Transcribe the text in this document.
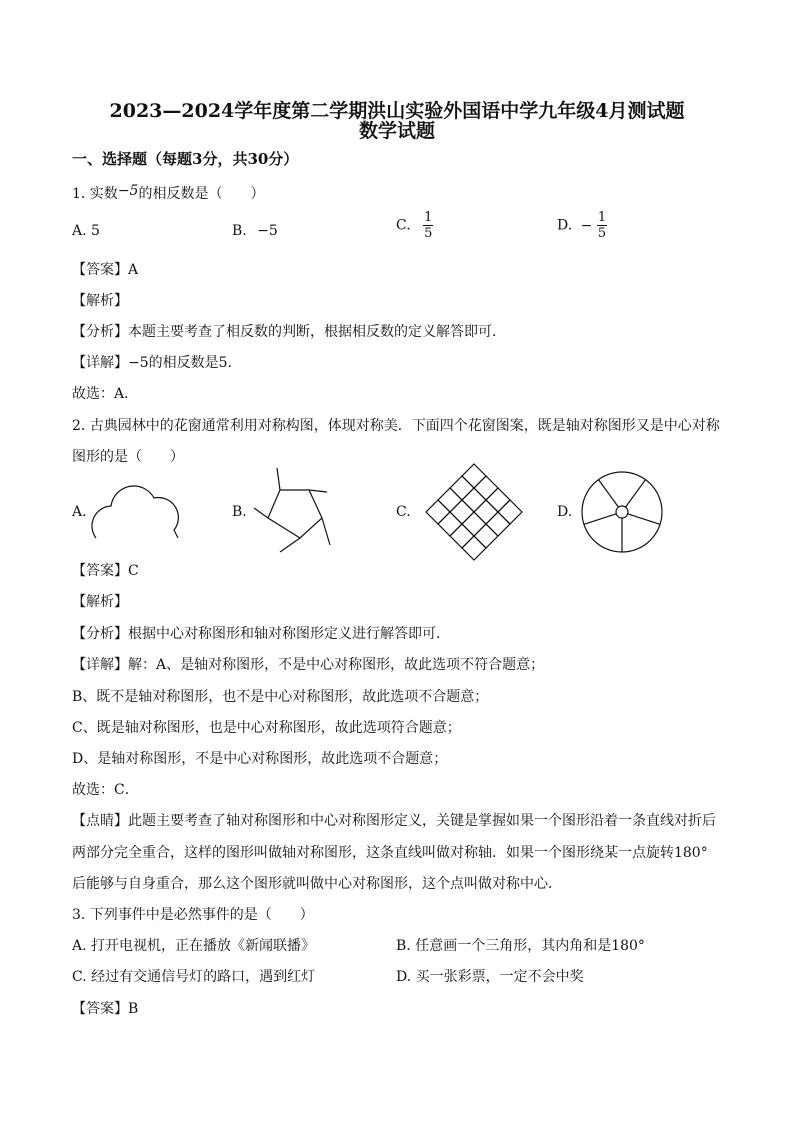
2023—2024学年度第二学期洪山实验外国语中学九年级4月测试题
数学试题
一、选择题（每题3分，共30分）
1. 实数−5的相反数是（　　）
A. 5	B. −5	C. $\frac{1}{5}$	D. − $\frac{1}{5}$
【答案】A
【解析】
【分析】本题主要考查了相反数的判断，根据相反数的定义解答即可．
【详解】−5的相反数是5．
故选：A．
2. 古典园林中的花窗通常利用对称构图，体现对称美．下面四个花窗图案，既是轴对称图形又是中心对称
图形的是（　　）
A.	B.	C.	D.
【答案】C
【解析】
【分析】根据中心对称图形和轴对称图形定义进行解答即可．
【详解】解：A、是轴对称图形，不是中心对称图形，故此选项不符合题意；
B、既不是轴对称图形，也不是中心对称图形，故此选项不合题意；
C、既是轴对称图形，也是中心对称图形，故此选项符合题意；
D、是轴对称图形，不是中心对称图形，故此选项不合题意；
故选：C．
【点睛】此题主要考查了轴对称图形和中心对称图形定义，关键是掌握如果一个图形沿着一条直线对折后
两部分完全重合，这样的图形叫做轴对称图形，这条直线叫做对称轴．如果一个图形绕某一点旋转180°
后能够与自身重合，那么这个图形就叫做中心对称图形，这个点叫做对称中心．
3. 下列事件中是必然事件的是（　　）
A. 打开电视机，正在播放《新闻联播》	B. 任意画一个三角形，其内角和是180°
C. 经过有交通信号灯的路口，遇到红灯	D. 买一张彩票，一定不会中奖
【答案】B
